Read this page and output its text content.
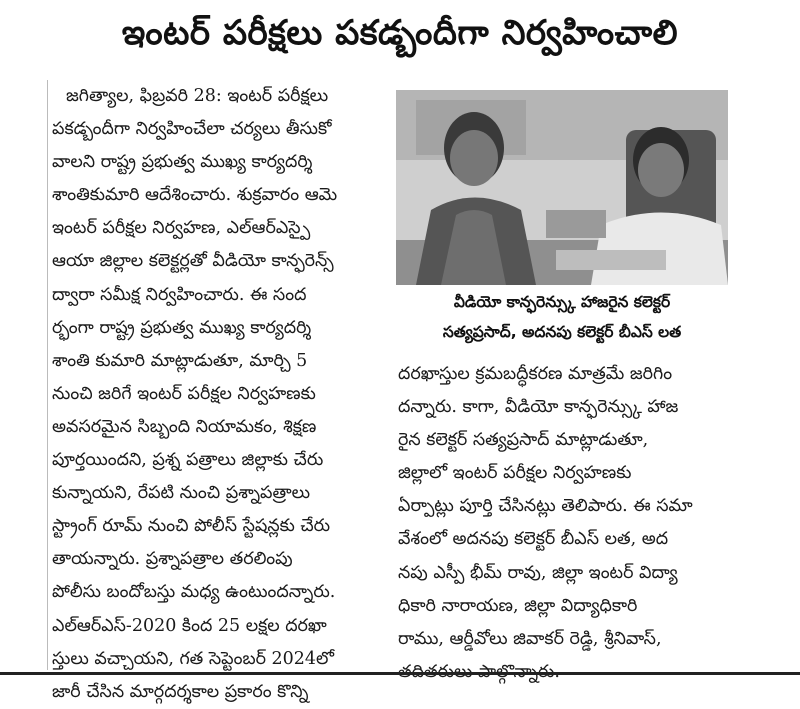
ఇంటర్ పరీక్షలు పకడ్బందీగా నిర్వహించాలి
జగిత్యాల, ఫిబ్రవరి 28: ఇంటర్ పరీక్షలు
పకడ్బందీగా నిర్వహించేలా చర్యలు తీసుకో
వాలని రాష్ట్ర ప్రభుత్వ ముఖ్య కార్యదర్శి
శాంతికుమారి ఆదేశించారు. శుక్రవారం ఆమె
ఇంటర్ పరీక్షల నిర్వహణ, ఎల్ఆర్ఎస్పై
ఆయా జిల్లాల కలెక్టర్లతో వీడియో కాన్ఫరెన్స్
ద్వారా సమీక్ష నిర్వహించారు. ఈ సంద
ర్భంగా రాష్ట్ర ప్రభుత్వ ముఖ్య కార్యదర్శి
శాంతి కుమారి మాట్లాడుతూ, మార్చి 5
నుంచి జరిగే ఇంటర్ పరీక్షల నిర్వహణకు
అవసరమైన సిబ్బంది నియామకం, శిక్షణ
పూర్తయిందని, ప్రశ్న పత్రాలు జిల్లాకు చేరు
కున్నాయని, రేపటి నుంచి ప్రశ్నాపత్రాలు
స్ట్రాంగ్ రూమ్ నుంచి పోలీస్ స్టేషన్లకు చేరు
తాయన్నారు. ప్రశ్నాపత్రాల తరలింపు
పోలీసు బందోబస్తు మధ్య ఉంటుందన్నారు.
ఎల్ఆర్ఎస్-2020 కింద 25 లక్షల దరఖా
స్తులు వచ్చాయని, గత సెప్టెంబర్ 2024లో
జారీ చేసిన మార్గదర్శకాల ప్రకారం కొన్ని
వీడియో కాన్ఫరెన్స్కు హాజరైన కలెక్టర్
సత్యప్రసాద్, అదనపు కలెక్టర్ బీఎస్ లత
దరఖాస్తుల క్రమబద్ధీకరణ మాత్రమే జరిగిం
దన్నారు. కాగా, వీడియో కాన్ఫరెన్స్కు హాజ
రైన కలెక్టర్ సత్యప్రసాద్ మాట్లాడుతూ,
జిల్లాలో ఇంటర్ పరీక్షల నిర్వహణకు
ఏర్పాట్లు పూర్తి చేసినట్లు తెలిపారు. ఈ సమా
వేశంలో అదనపు కలెక్టర్ బీఎస్ లత, అద
నపు ఎస్పీ భీమ్ రావు, జిల్లా ఇంటర్ విద్యా
ధికారి నారాయణ, జిల్లా విద్యాధికారి
రాము, ఆర్డీవోలు జివాకర్ రెడ్డి, శ్రీనివాస్,
